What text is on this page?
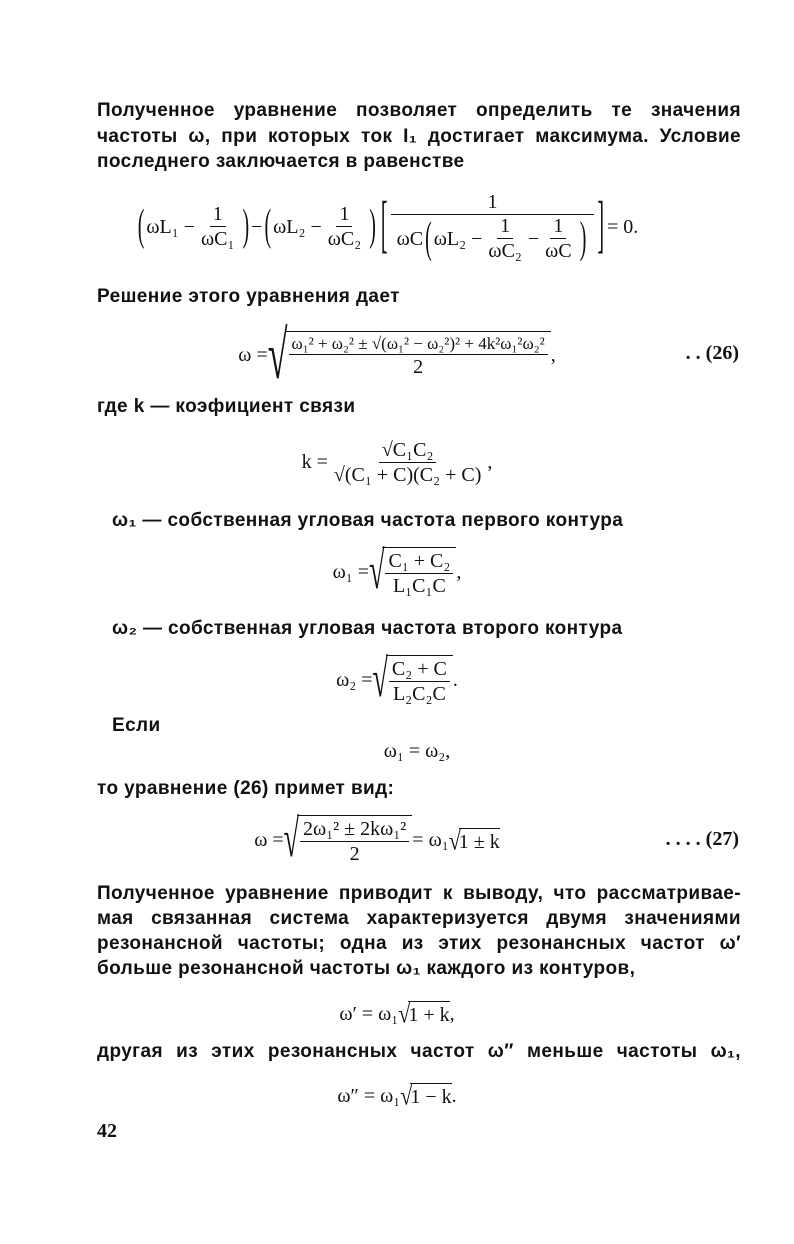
Полученное уравнение позволяет определить те значения
частоты ω, при которых ток I₁ достигает максимума. Условие
последнего заключается в равенстве
( $\omega L_1 - \frac{1}{\text{ωC₁}}$ ) − ( $\omega L_2 - \frac{1}{\text{ωC₂}}$ ) [ $\frac{1}{\omega C ( \omega L_2 - \frac{1}{\text{ωC₂}} - \frac{1}{\omega C} )}$ ] = 0.
Решение этого уравнения дает
ω = √ $\frac{\text{ω₁² + ω₂² ± √(ω₁² − ω₂²)² + 4k²ω₁²ω₂²}}{2}$ ,	. . (26)
где k — коэфициент связи
$k = \frac{\text{√C₁C₂}}{\text{√(C₁ + C)(C₂ + C)}}$ ,
ω₁ — собственная угловая частота первого контура
ω₁ = √ $\frac{\text{C₁ + C₂}}{\text{L₁C₁C}}$ ,
ω₂ — собственная угловая частота второго контура
ω₂ = √ $\frac{\text{C₂ + C}}{\text{L₂C₂C}}$ .
Если
ω₁ = ω₂,
то уравнение (26) примет вид:
ω = √ $\frac{\text{2ω₁² ± 2kω₁²}}{2} = \omega_1$ √
1 ± k	. . . . (27)
Полученное уравнение приводит к выводу, что рассматривае-
мая связанная система характеризуется двумя значениями
резонансной частоты; одна из этих резонансных частот ω′
больше резонансной частоты ω₁ каждого из контуров,
ω′ = ω₁ √
1 + k ,
другая из этих резонансных частот ω″ меньше частоты ω₁,
ω″ = ω₁ √
1 − k .
42
